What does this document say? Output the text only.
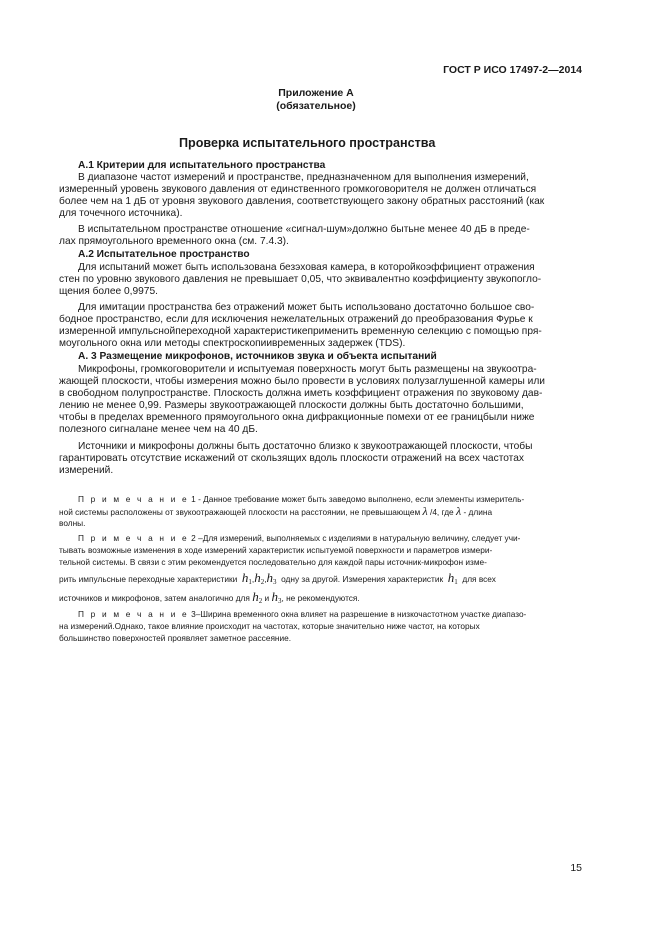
ГОСТ Р ИСО 17497-2—2014
Приложение А
(обязательное)
Проверка испытательного пространства
А.1 Критерии для испытательного пространства
В диапазоне частот измерений и пространстве, предназначенном для выполнения измерений,
измеренный уровень звукового давления от единственного громкоговорителя не должен отличаться
более чем на 1 дБ от уровня звукового давления, соответствующего закону обратных расстояний (как
для точечного источника).
В испытательном пространстве отношение «сигнал-шум»должно бытьне менее 40 дБ в преде-
лах прямоугольного временного окна (см. 7.4.3).
А.2 Испытательное пространство
Для испытаний может быть использована безэховая камера, в которойкоэффициент отражения
стен по уровню звукового давления не превышает 0,05, что эквивалентно коэффициенту звукопогло-
щения более 0,9975.
Для имитации пространства без отражений может быть использовано достаточно большое сво-
бодное пространство, если для исключения нежелательных отражений до преобразования Фурье к
измеренной импульснойпереходной характеристикеприменить временную селекцию с помощью пря-
моугольного окна или методы спектроскопиивременных задержек (TDS).
А. 3 Размещение микрофонов, источников звука и объекта испытаний
Микрофоны, громкоговорители и испытуемая поверхность могут быть размещены на звукоотра-
жающей плоскости, чтобы измерения можно было провести в условиях полузаглушенной камеры или
в свободном полупространстве. Плоскость должна иметь коэффициент отражения по звуковому дав-
лению не менее 0,99. Размеры звукоотражающей плоскости должны быть достаточно большими,
чтобы в пределах временного прямоугольного окна дифракционные помехи от ее границбыли ниже
полезного сигналане менее чем на 40 дБ.
Источники и микрофоны должны быть достаточно близко к звукоотражающей плоскости, чтобы
гарантировать отсутствие искажений от скользящих вдоль плоскости отражений на всех частотах
измерений.
П р и м е ч а н и е 1 - Данное требование может быть заведомо выполнено, если элементы измеритель-
ной системы расположены от звукоотражающей плоскости на расстоянии, не превышающем λ /4, где λ - длина
волны.
П р и м е ч а н и е 2 –Для измерений, выполняемых с изделиями в натуральную величину, следует учи-
тывать возможные изменения в ходе измерений характеристик испытуемой поверхности и параметров измери-
тельной системы. В связи с этим рекомендуется последовательно для каждой пары источник-микрофон изме-
рить импульсные переходные характеристики $h_1,h_2,h_3$ одну за другой. Измерения характеристик $h_1$ для всех
источников и микрофонов, затем аналогично для $h_2$ и $h_3$, не рекомендуются.
П р и м е ч а н и е 3–Ширина временного окна влияет на разрешение в низкочастотном участке диапазо-
на измерений.Однако, такое влияние происходит на частотах, которые значительно ниже частот, на которых
большинство поверхностей проявляет заметное рассеяние.
15
